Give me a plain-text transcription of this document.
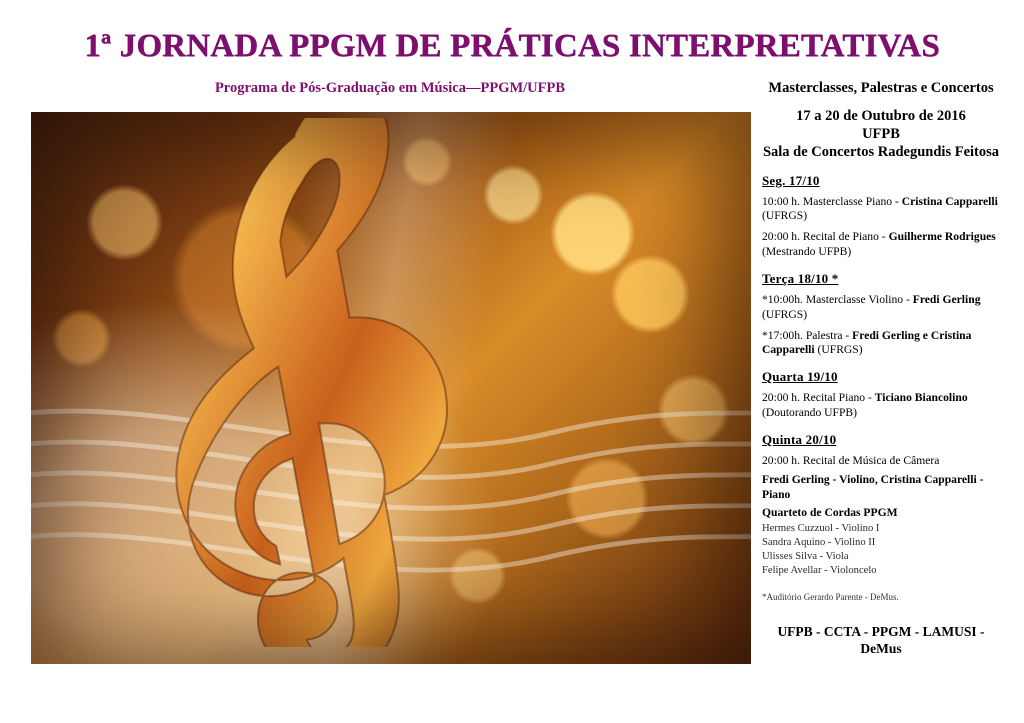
1ª JORNADA PPGM DE PRÁTICAS INTERPRETATIVAS
Programa de Pós-Graduação em Música—PPGM/UFPB	Masterclasses, Palestras e Concertos
17 a 20 de Outubro de 2016
UFPB
Sala de Concertos Radegundis Feitosa
Seg. 17/10
10:00 h. Masterclasse Piano - Cristina Capparelli (UFRGS)
20:00 h. Recital de Piano - Guilherme Rodrigues (Mestrando UFPB)
Terça 18/10 *
*10:00h. Masterclasse Violino - Fredi Gerling (UFRGS)
*17:00h. Palestra - Fredi Gerling e Cristina Capparelli (UFRGS)
Quarta 19/10
20:00 h. Recital Piano - Ticiano Biancolino (Doutorando UFPB)
Quinta 20/10
20:00 h. Recital de Música de Câmera
Fredi Gerling - Violino, Cristina Capparelli - Piano
Quarteto de Cordas PPGM
Hermes Cuzzuol - Violino I
Sandra Aquino - Violino II
Ulisses Silva - Viola
Felipe Avellar - Violoncelo
*Auditório Gerardo Parente - DeMus.
UFPB - CCTA - PPGM - LAMUSI - DeMus
